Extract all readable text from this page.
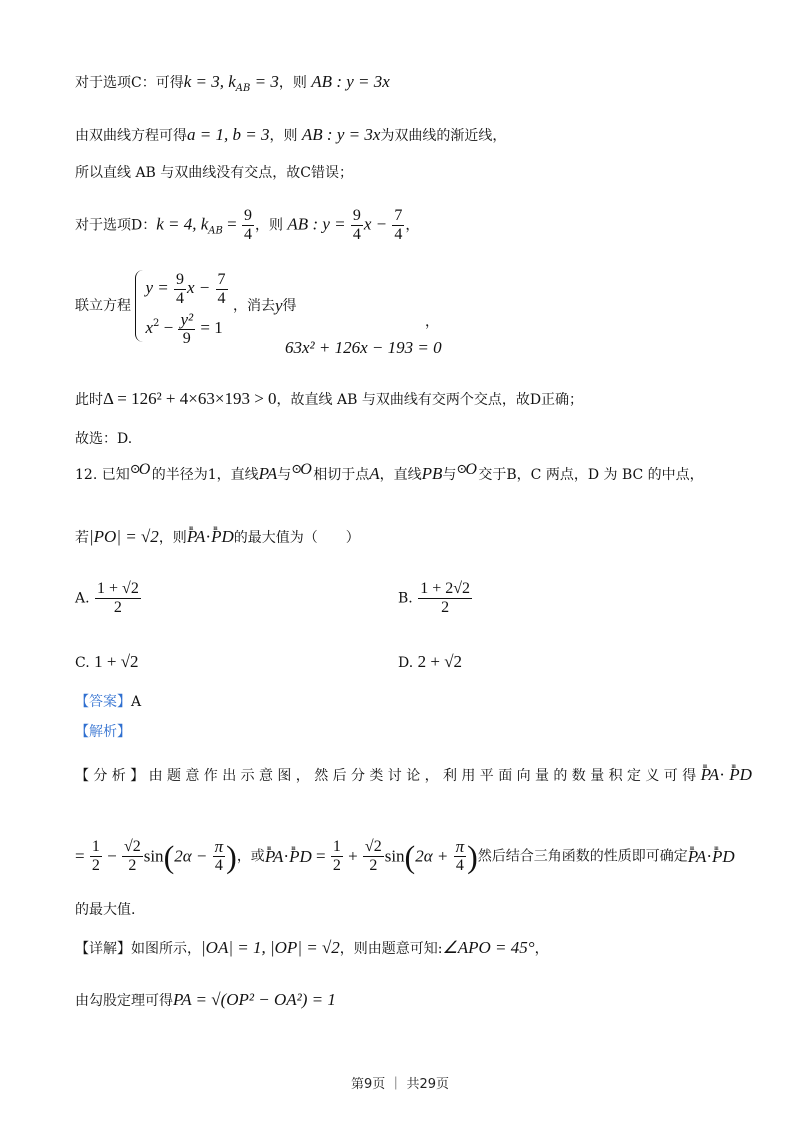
对于选项C：可得k = 3, $k_{AB} = 3$，则 AB : y = 3x
由双曲线方程可得a = 1, b = 3，则 AB : y = 3x为双曲线的渐近线，
所以直线 AB 与双曲线没有交点，故C错误；
对于选项D：k = 4, $k_{AB} = \frac{9}{4}$ ，则 AB : $y = \frac{9}{4}$ $x - \frac{7}{4}$ ，
联立方程
$y = \frac{9}{4}$ $x - \frac{7}{4}$
$x^2 - \frac{\text{y²}}{9} = 1$
，消去y得
，
63x² + 126x − 193 = 0
此时Δ = 126² + 4×63×193 > 0，故直线 AB 与双曲线有交两个交点，故D正确；
故选：D.
12. 已知 ⊙
O 的半径为1，直线PA与 ⊙
O 相切于点A，直线PB与 ⊙
O 交于B，C 两点，D 为 BC 的中点，
若|PO| = √2，则ıııı PA·ıııı PD的最大值为（　　）
A. $\frac{1 + √2}{2}$	B. $\frac{1 + 2√2}{2}$
C. 1 + √2	D. 2 + √2
【答案】A
【解析】
【分析】由题意作出示意图，然后分类讨论，利用平面向量的数量积定义可得ıııı PA·ıııı PD
= $\frac{1}{2} - \frac{√2}{2} \sin(2\alpha - \frac{\pi}{4}$ )，或ıııı PA·ıııı PD = $\frac{1}{2} + \frac{√2}{2} \sin(2\alpha + \frac{\pi}{4}$ )然后结合三角函数的性质即可确定ıııı PA·ıııı PD
的最大值.
【详解】如图所示，|OA| = 1, |OP| = √2，则由题意可知:∠APO = 45°，
由勾股定理可得PA = √(OP² − OA²) = 1
第9页 ｜ 共29页
